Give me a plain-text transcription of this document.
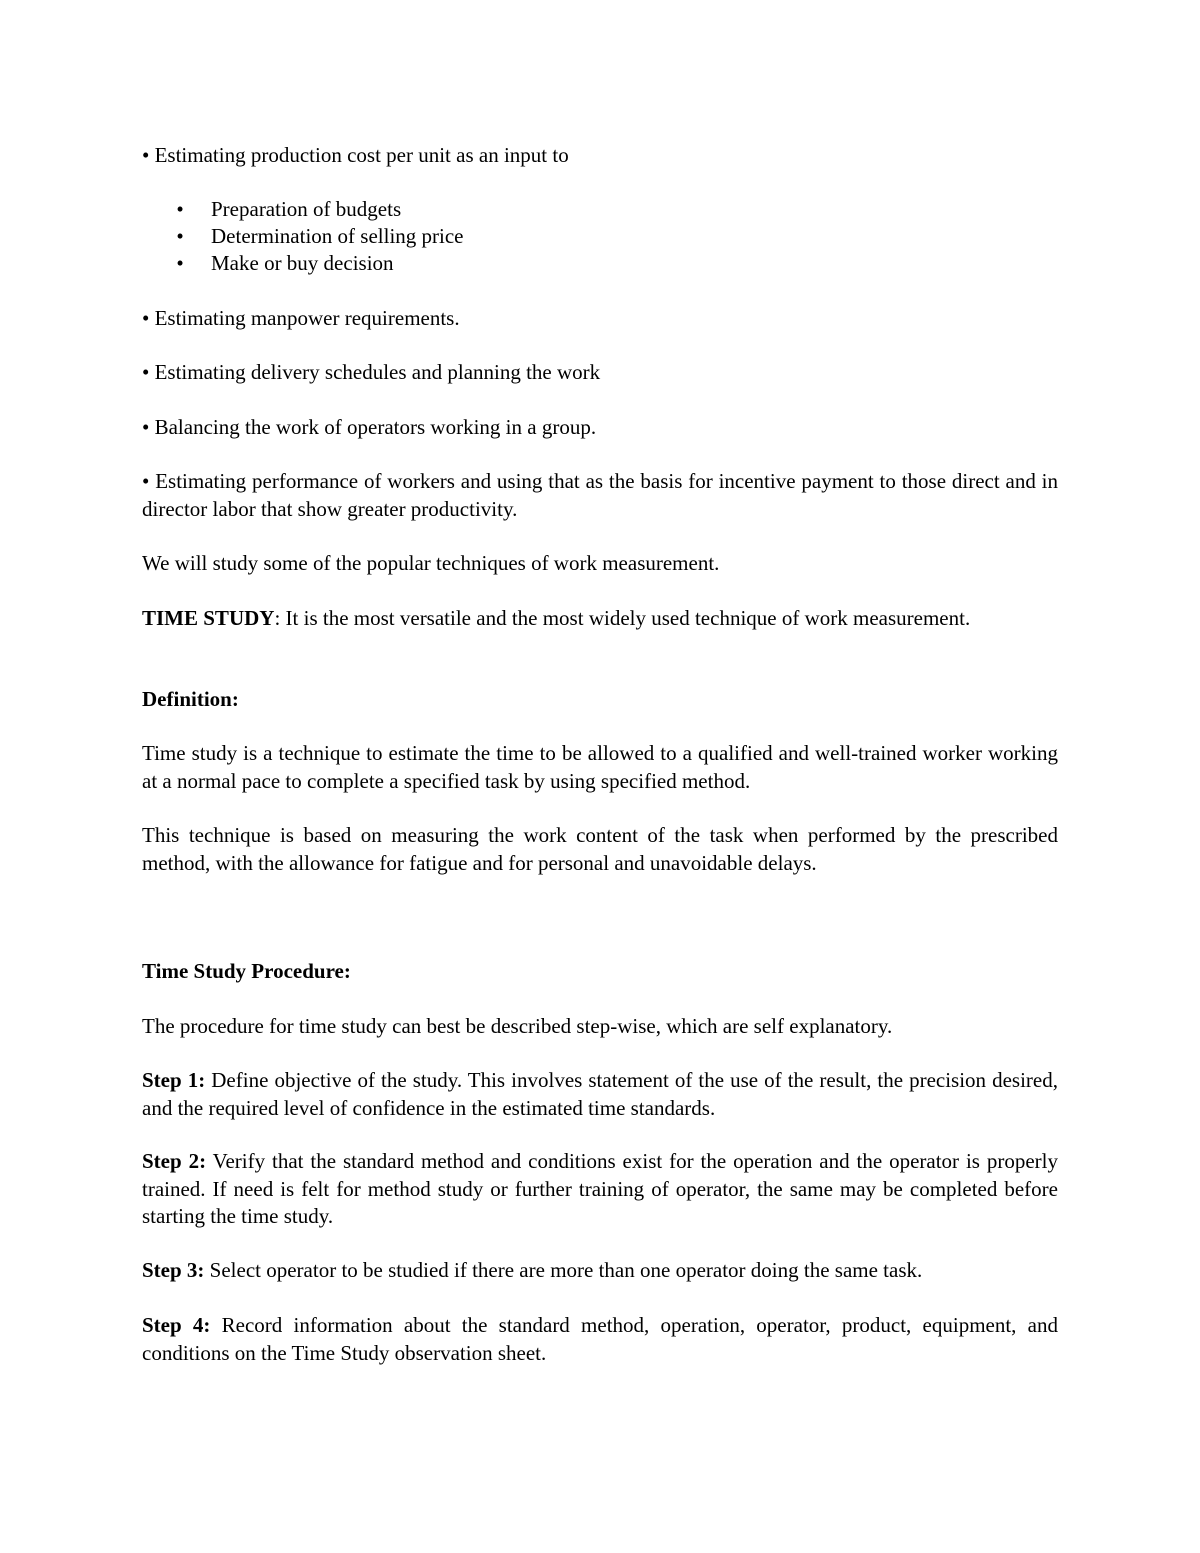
• Estimating production cost per unit as an input to

• Preparation of budgets
• Determination of selling price
• Make or buy decision

• Estimating manpower requirements.

• Estimating delivery schedules and planning the work

• Balancing the work of operators working in a group.

• Estimating performance of workers and using that as the basis for incentive payment to those direct and in director labor that show greater productivity.

We will study some of the popular techniques of work measurement.

TIME STUDY: It is the most versatile and the most widely used technique of work measurement.

Definition:

Time study is a technique to estimate the time to be allowed to a qualified and well-trained worker working at a normal pace to complete a specified task by using specified method.

This technique is based on measuring the work content of the task when performed by the prescribed method, with the allowance for fatigue and for personal and unavoidable delays.

Time Study Procedure:

The procedure for time study can best be described step-wise, which are self explanatory.

Step 1: Define objective of the study. This involves statement of the use of the result, the precision desired, and the required level of confidence in the estimated time standards.

Step 2: Verify that the standard method and conditions exist for the operation and the operator is properly trained. If need is felt for method study or further training of operator, the same may be completed before starting the time study.

Step 3: Select operator to be studied if there are more than one operator doing the same task.

Step 4: Record information about the standard method, operation, operator, product, equipment, and conditions on the Time Study observation sheet.
